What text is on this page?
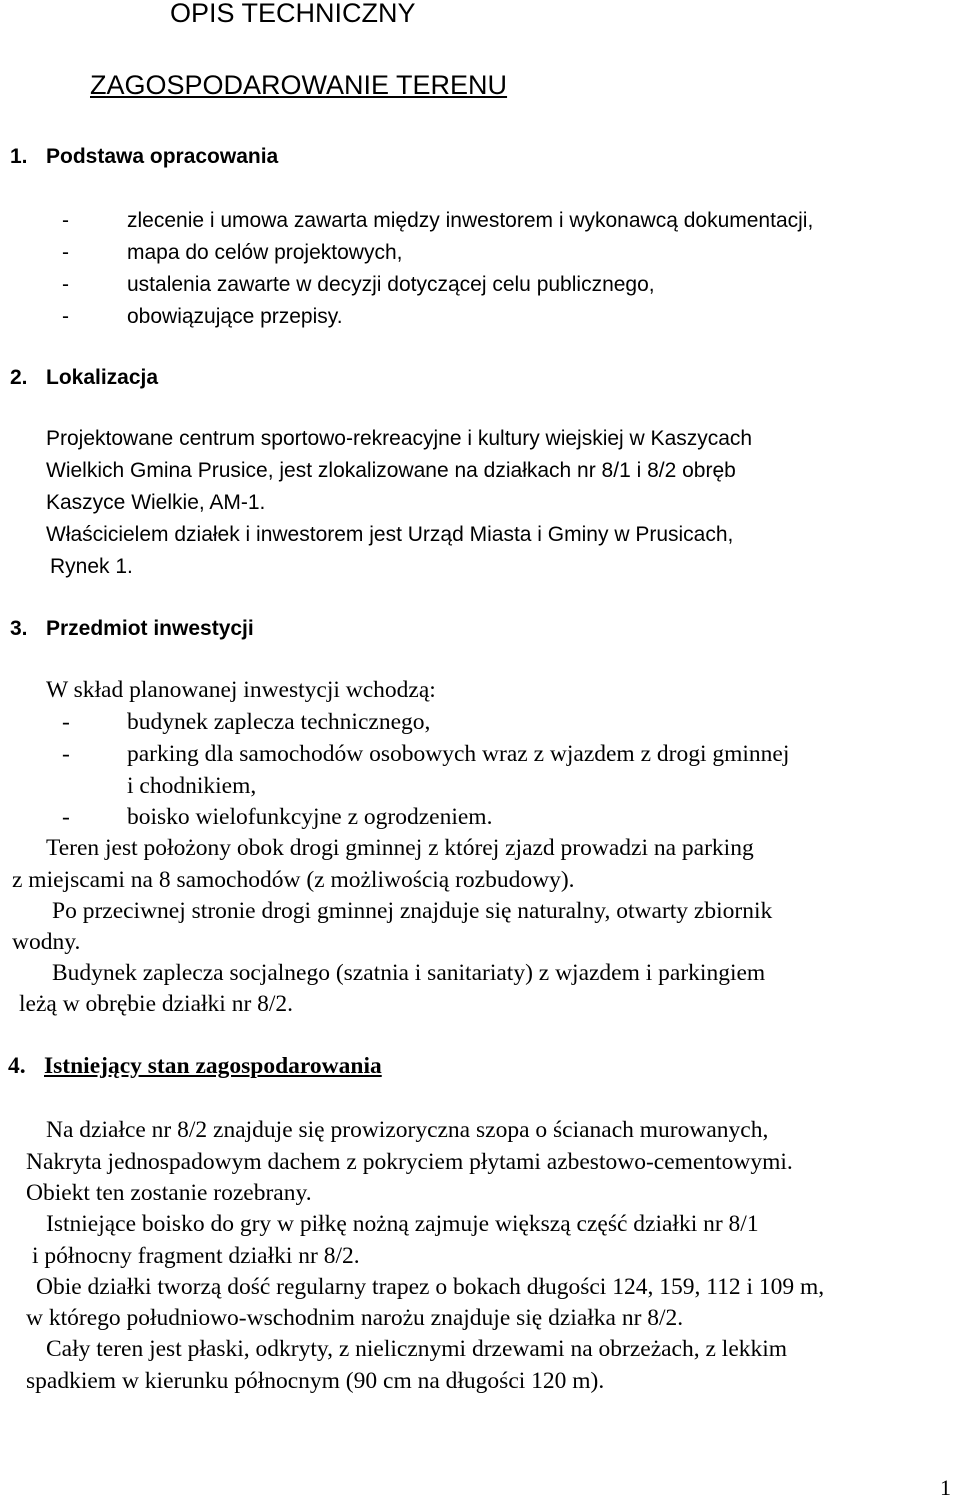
OPIS TECHNICZNY
ZAGOSPODAROWANIE TERENU
1. Podstawa opracowania
-	zlecenie i umowa zawarta między inwestorem i wykonawcą dokumentacji,
-	mapa do celów projektowych,
-	ustalenia zawarte w decyzji dotyczącej celu publicznego,
-	obowiązujące przepisy.
2. Lokalizacja
Projektowane centrum sportowo-rekreacyjne i kultury wiejskiej w Kaszycach
Wielkich Gmina Prusice, jest zlokalizowane na działkach nr 8/1 i 8/2 obręb
Kaszyce Wielkie, AM-1.
Właścicielem działek i inwestorem jest Urząd Miasta i Gminy w Prusicach,
Rynek 1.
3. Przedmiot inwestycji
W skład planowanej inwestycji wchodzą:
- budynek zaplecza technicznego,
- parking dla samochodów osobowych wraz z wjazdem z drogi gminnej
i chodnikiem,
- boisko wielofunkcyjne z ogrodzeniem.
Teren jest położony obok drogi gminnej z której zjazd prowadzi na parking
z miejscami na 8 samochodów (z możliwością rozbudowy).
Po przeciwnej stronie drogi gminnej znajduje się naturalny, otwarty zbiornik
wodny.
Budynek zaplecza socjalnego (szatnia i sanitariaty) z wjazdem i parkingiem
leżą w obrębie działki nr 8/2.
4. Istniejący stan zagospodarowania
Na działce nr 8/2 znajduje się prowizoryczna szopa o ścianach murowanych,
Nakryta jednospadowym dachem z pokryciem płytami azbestowo-cementowymi.
Obiekt ten zostanie rozebrany.
Istniejące boisko do gry w piłkę nożną zajmuje większą część działki nr 8/1
i północny fragment działki nr 8/2.
Obie działki tworzą dość regularny trapez o bokach długości 124, 159, 112 i 109 m,
w którego południowo-wschodnim narożu znajduje się działka nr 8/2.
Cały teren jest płaski, odkryty, z nielicznymi drzewami na obrzeżach, z lekkim
spadkiem w kierunku północnym (90 cm na długości 120 m).
1
